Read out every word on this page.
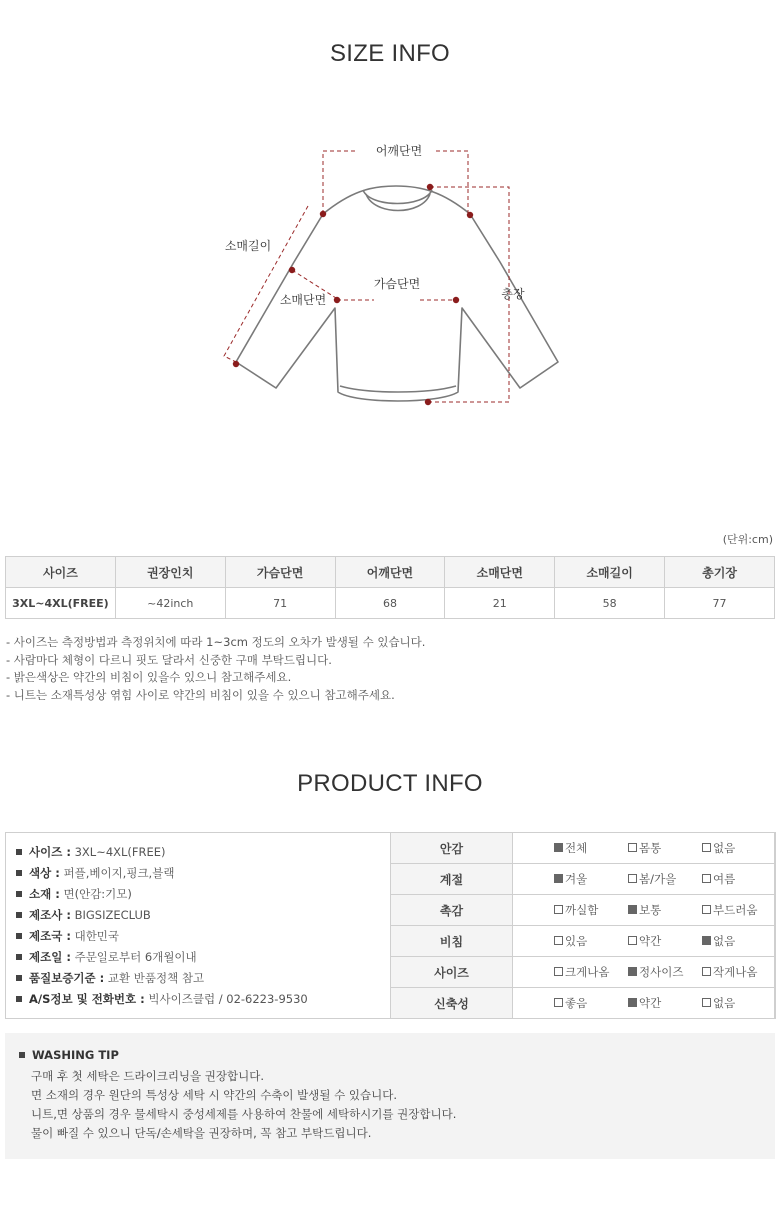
SIZE INFO
어깨단면
소매길이
가슴단면
소매단면	총장
(단위:cm)
사이즈	권장인치	가슴단면	어깨단면	소매단면	소매길이	총기장
3XL~4XL(FREE)	~42inch	71	68	21	58	77
- 사이즈는 측정방법과 측정위치에 따라 1~3cm 정도의 오차가 발생될 수 있습니다.
- 사람마다 체형이 다르니 핏도 달라서 신중한 구매 부탁드립니다.
- 밝은색상은 약간의 비침이 있을수 있으니 참고해주세요.
- 니트는 소재특성상 엮힘 사이로 약간의 비침이 있을 수 있으니 참고해주세요.
PRODUCT INFO
사이즈 : 3XL~4XL(FREE)
색상 : 퍼플,베이지,핑크,블랙
소재 : 면(안감:기모)
제조사 : BIGSIZECLUB
제조국 : 대한민국
제조일 : 주문일로부터 6개월이내
품질보증기준 : 교환 반품정책 참고
A/S정보 및 전화번호 : 빅사이즈클럽 / 02-6223-9530
안감	전체 몸통 없음
계절	겨울 봄/가을 여름
촉감	까실함 보통 부드러움
비침	있음 약간 없음
사이즈	크게나옴 정사이즈 작게나옴
신축성	좋음 약간 없음
WASHING TIP
구매 후 첫 세탁은 드라이크리닝을 권장합니다.
면 소재의 경우 원단의 특성상 세탁 시 약간의 수축이 발생될 수 있습니다.
니트,면 상품의 경우 물세탁시 중성세제를 사용하여 찬물에 세탁하시기를 권장합니다.
물이 빠질 수 있으니 단독/손세탁을 권장하며, 꼭 참고 부탁드립니다.
